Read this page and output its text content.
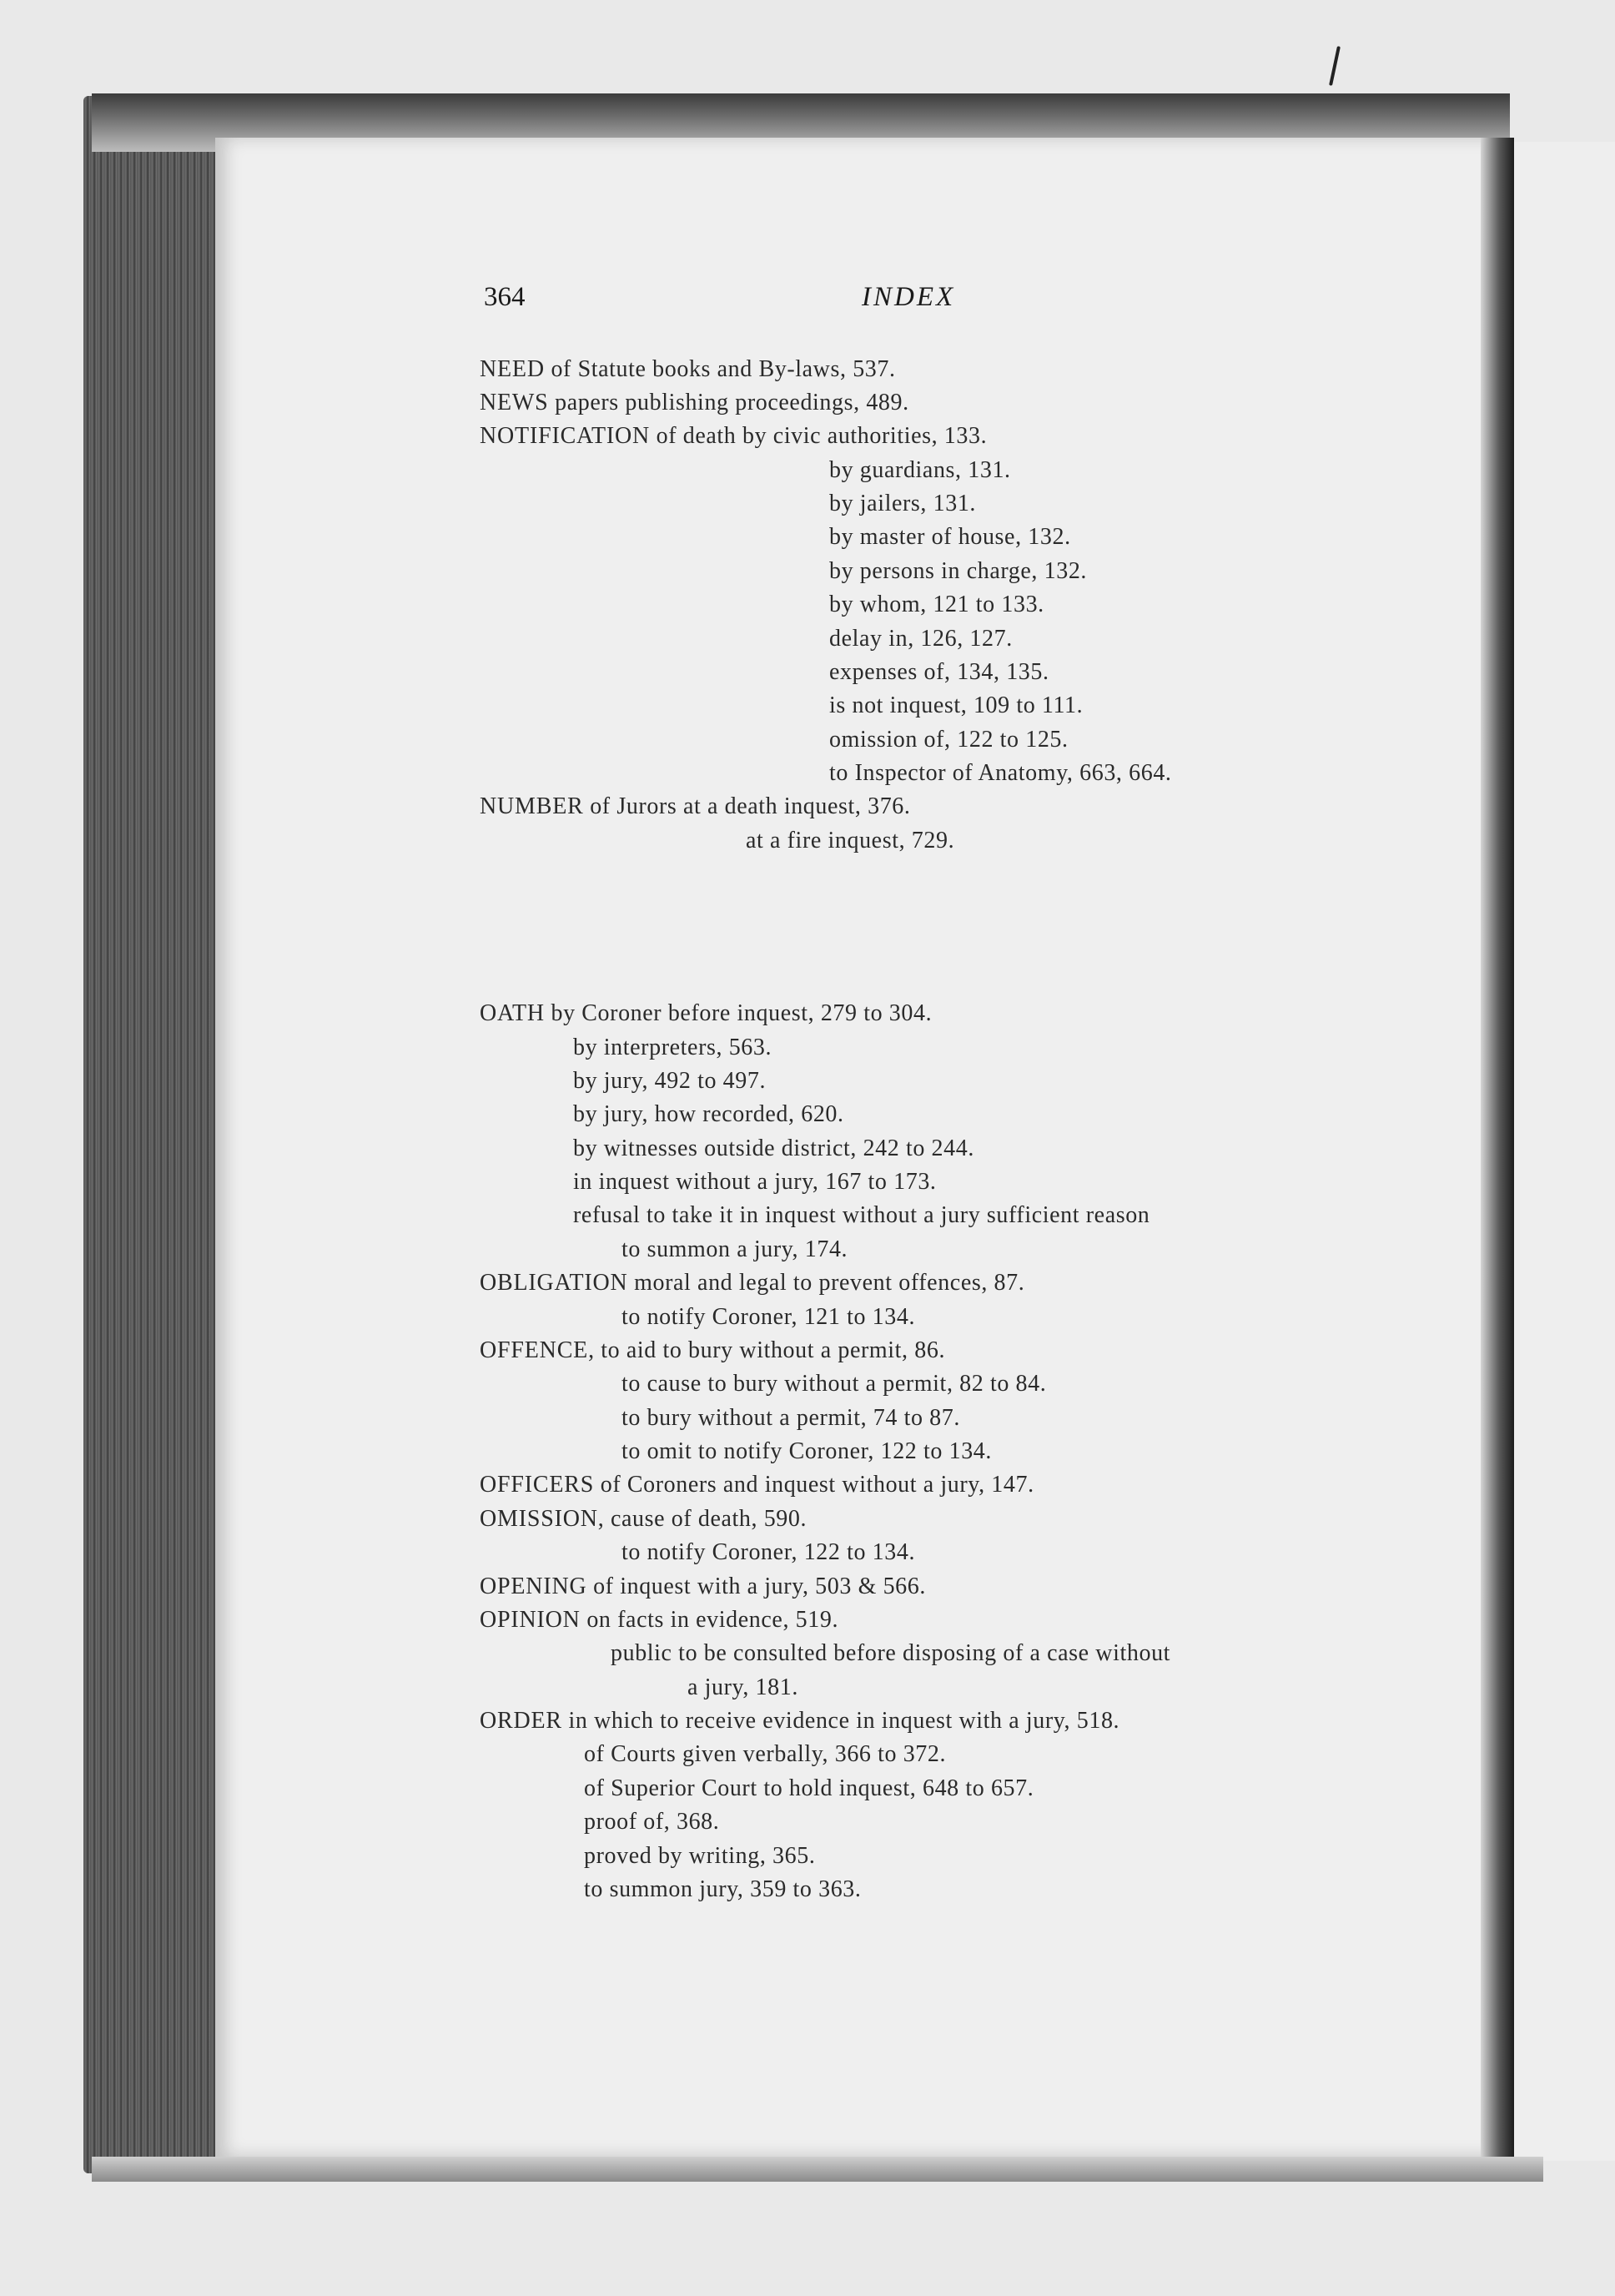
364	INDEX
NEED of Statute books and By-laws, 537.
NEWS papers publishing proceedings, 489.
NOTIFICATION of death by civic authorities, 133.
by guardians, 131.
by jailers, 131.
by master of house, 132.
by persons in charge, 132.
by whom, 121 to 133.
delay in, 126, 127.
expenses of, 134, 135.
is not inquest, 109 to 111.
omission of, 122 to 125.
to Inspector of Anatomy, 663, 664.
NUMBER of Jurors at a death inquest, 376.
at a fire inquest, 729.
OATH by Coroner before inquest, 279 to 304.
by interpreters, 563.
by jury, 492 to 497.
by jury, how recorded, 620.
by witnesses outside district, 242 to 244.
in inquest without a jury, 167 to 173.
refusal to take it in inquest without a jury sufficient reason
to summon a jury, 174.
OBLIGATION moral and legal to prevent offences, 87.
to notify Coroner, 121 to 134.
OFFENCE, to aid to bury without a permit, 86.
to cause to bury without a permit, 82 to 84.
to bury without a permit, 74 to 87.
to omit to notify Coroner, 122 to 134.
OFFICERS of Coroners and inquest without a jury, 147.
OMISSION, cause of death, 590.
to notify Coroner, 122 to 134.
OPENING of inquest with a jury, 503 & 566.
OPINION on facts in evidence, 519.
public to be consulted before disposing of a case without
a jury, 181.
ORDER in which to receive evidence in inquest with a jury, 518.
of Courts given verbally, 366 to 372.
of Superior Court to hold inquest, 648 to 657.
proof of, 368.
proved by writing, 365.
to summon jury, 359 to 363.
